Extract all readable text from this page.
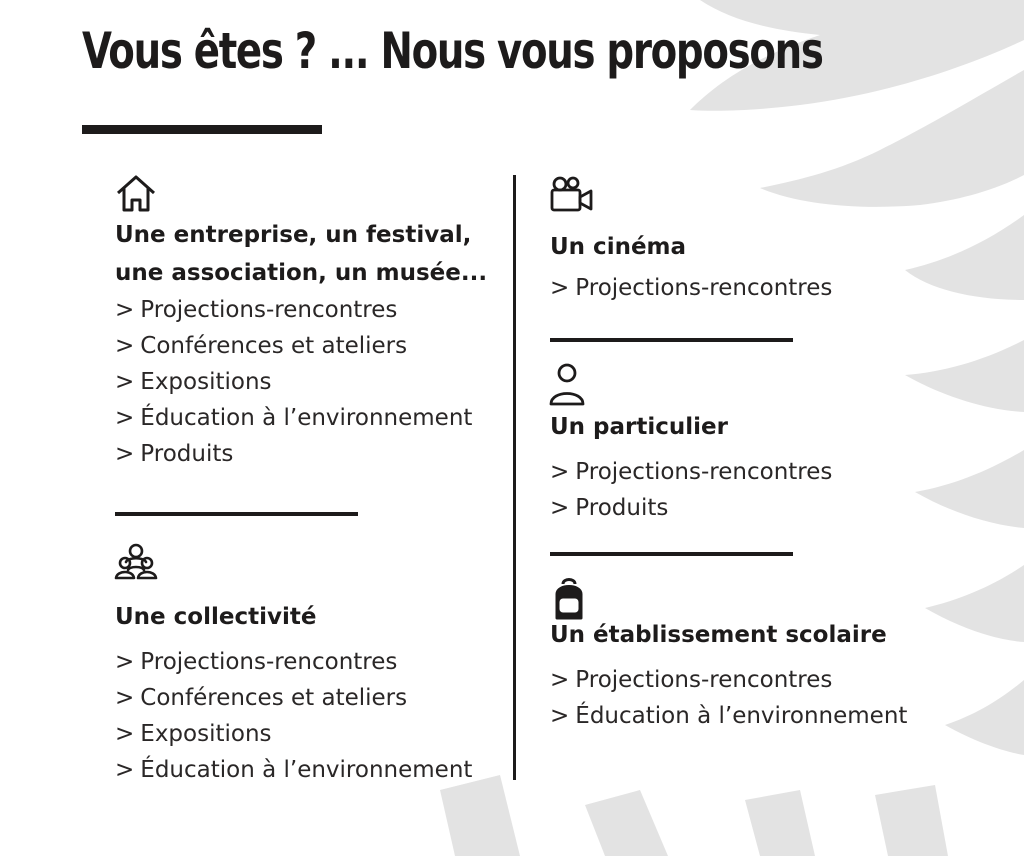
Vous êtes ? ... Nous vous proposons
Une entreprise, un festival,
une association, un musée...
> Projections-rencontres
> Conférences et ateliers
> Expositions
> Éducation à l’environnement
> Produits
Une collectivité
> Projections-rencontres
> Conférences et ateliers
> Expositions
> Éducation à l’environnement
Un cinéma
> Projections-rencontres
Un particulier
> Projections-rencontres
> Produits
Un établissement scolaire
> Projections-rencontres
> Éducation à l’environnement
